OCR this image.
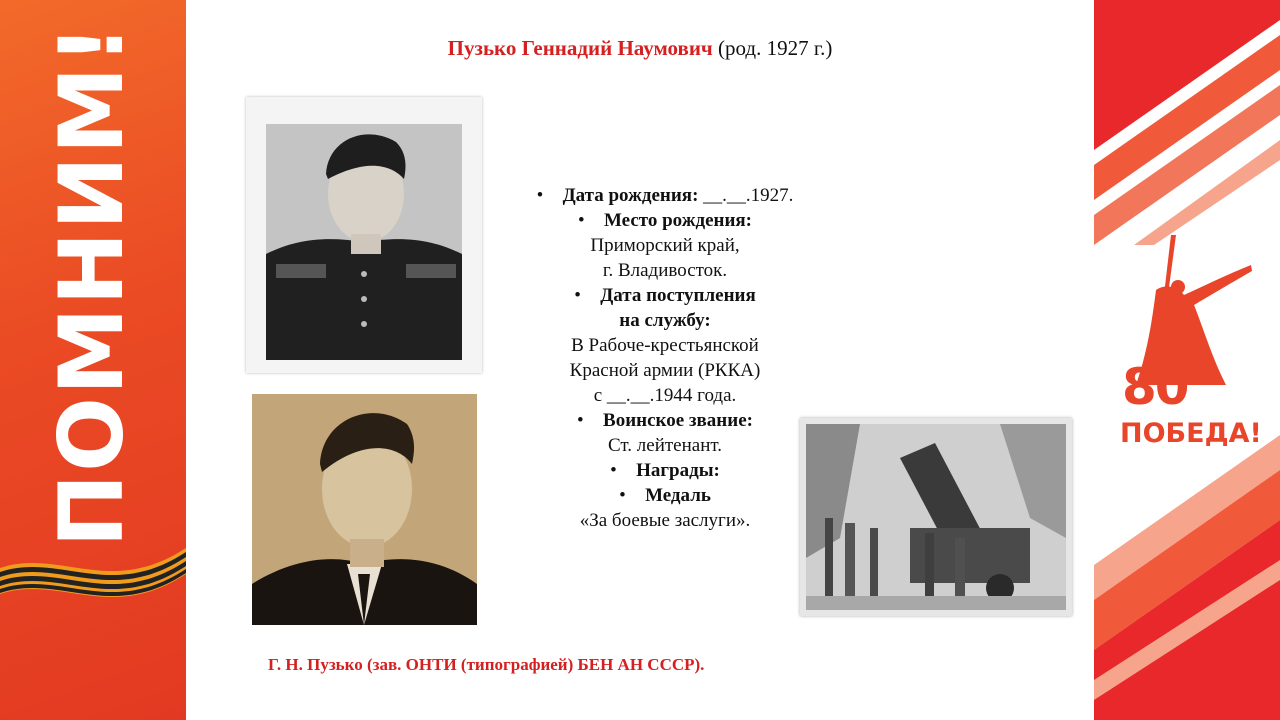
ПОМНИМ!	80
ПОБЕДА!
Пузько Геннадий Наумович (род. 1927 г.)
• Дата рождения: __.__.1927.
• Место рождения:
Приморский край,
г. Владивосток.
• Дата поступления
на службу:
В Рабоче-крестьянской
Красной армии (РККА)
с __.__.1944 года.
• Воинское звание:
Ст. лейтенант.
• Награды:
• Медаль
«За боевые заслуги».
Г. Н. Пузько (зав. ОНТИ (типографией) БЕН АН СССР).
